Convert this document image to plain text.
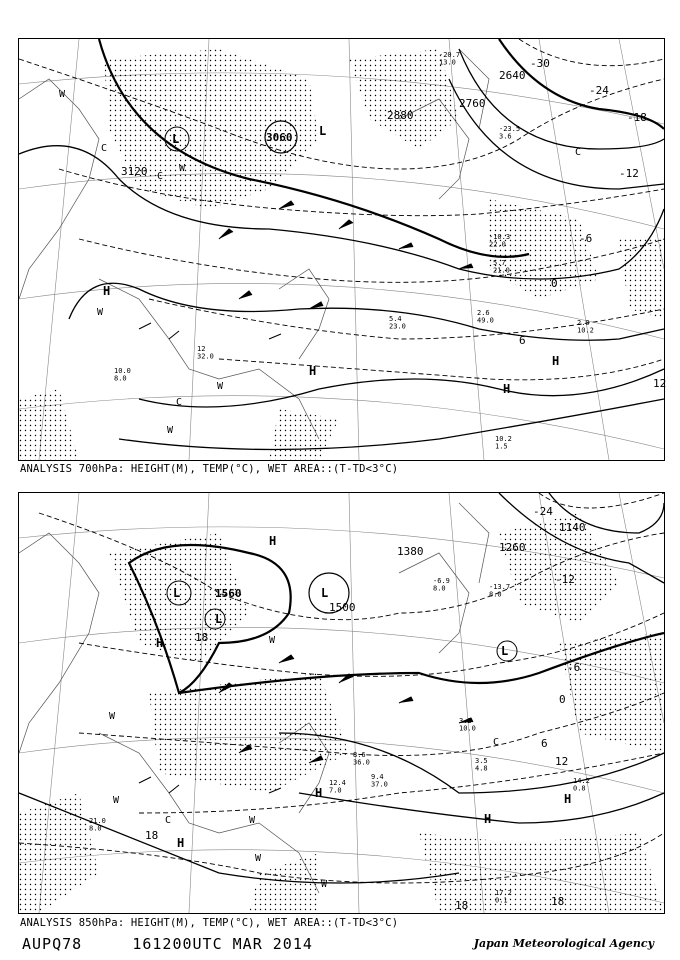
3120
3060
2880
2760
2640
-30
-24
-18
-12
-6
0
6
12
L
L
H
H
H
H
W
W
W
W
W
C
C
C
C
-20.7 13.0
-23.5 3.6
-10.3 22.0
5.4 23.0
10.2 1.5
2.6 49.0
5.7 21.0
12 32.0
10.0 8.0
2.0 10.2
ANALYSIS 700hPa: HEIGHT(M), TEMP(°C), WET AREA::(T-TD<3°C)
1560
1380
1500
1260
1140
-24
-12
-6
0
6
12
18
18
18	18
L
L
L
L
H
H
H
H
H
H
W
W
W
W
W
W
C
C
-13.7 8.0
-6.9 8.0
3.2 10.0
8.6 36.0
9.4 37.0
12.4 7.0
14.2 0.8
17.2 0.1
21.0 8.0
3.5 4.8
ANALYSIS 850hPa: HEIGHT(M), TEMP(°C), WET AREA::(T-TD<3°C)
AUPQ78     161200UTC MAR 2014	Japan Meteorological Agency
